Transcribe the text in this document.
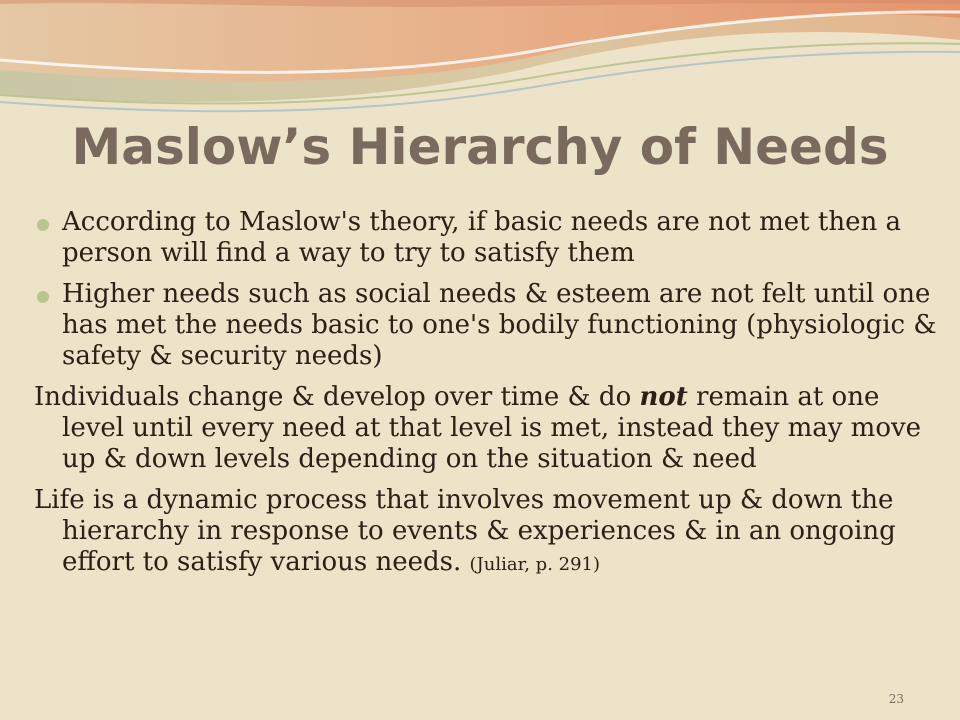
Maslow’s Hierarchy of Needs
According to Maslow's theory, if basic needs are not met then a person will find a way to try to satisfy them
Higher needs such as social needs & esteem are not felt until one has met the needs basic to one's bodily functioning (physiologic & safety & security needs)
Individuals change & develop over time & do not remain at one level until every need at that level is met, instead they may move up & down levels depending on the situation & need
Life is a dynamic process that involves movement up & down the hierarchy in response to events & experiences & in an ongoing effort to satisfy various needs. (Juliar, p. 291)
23
